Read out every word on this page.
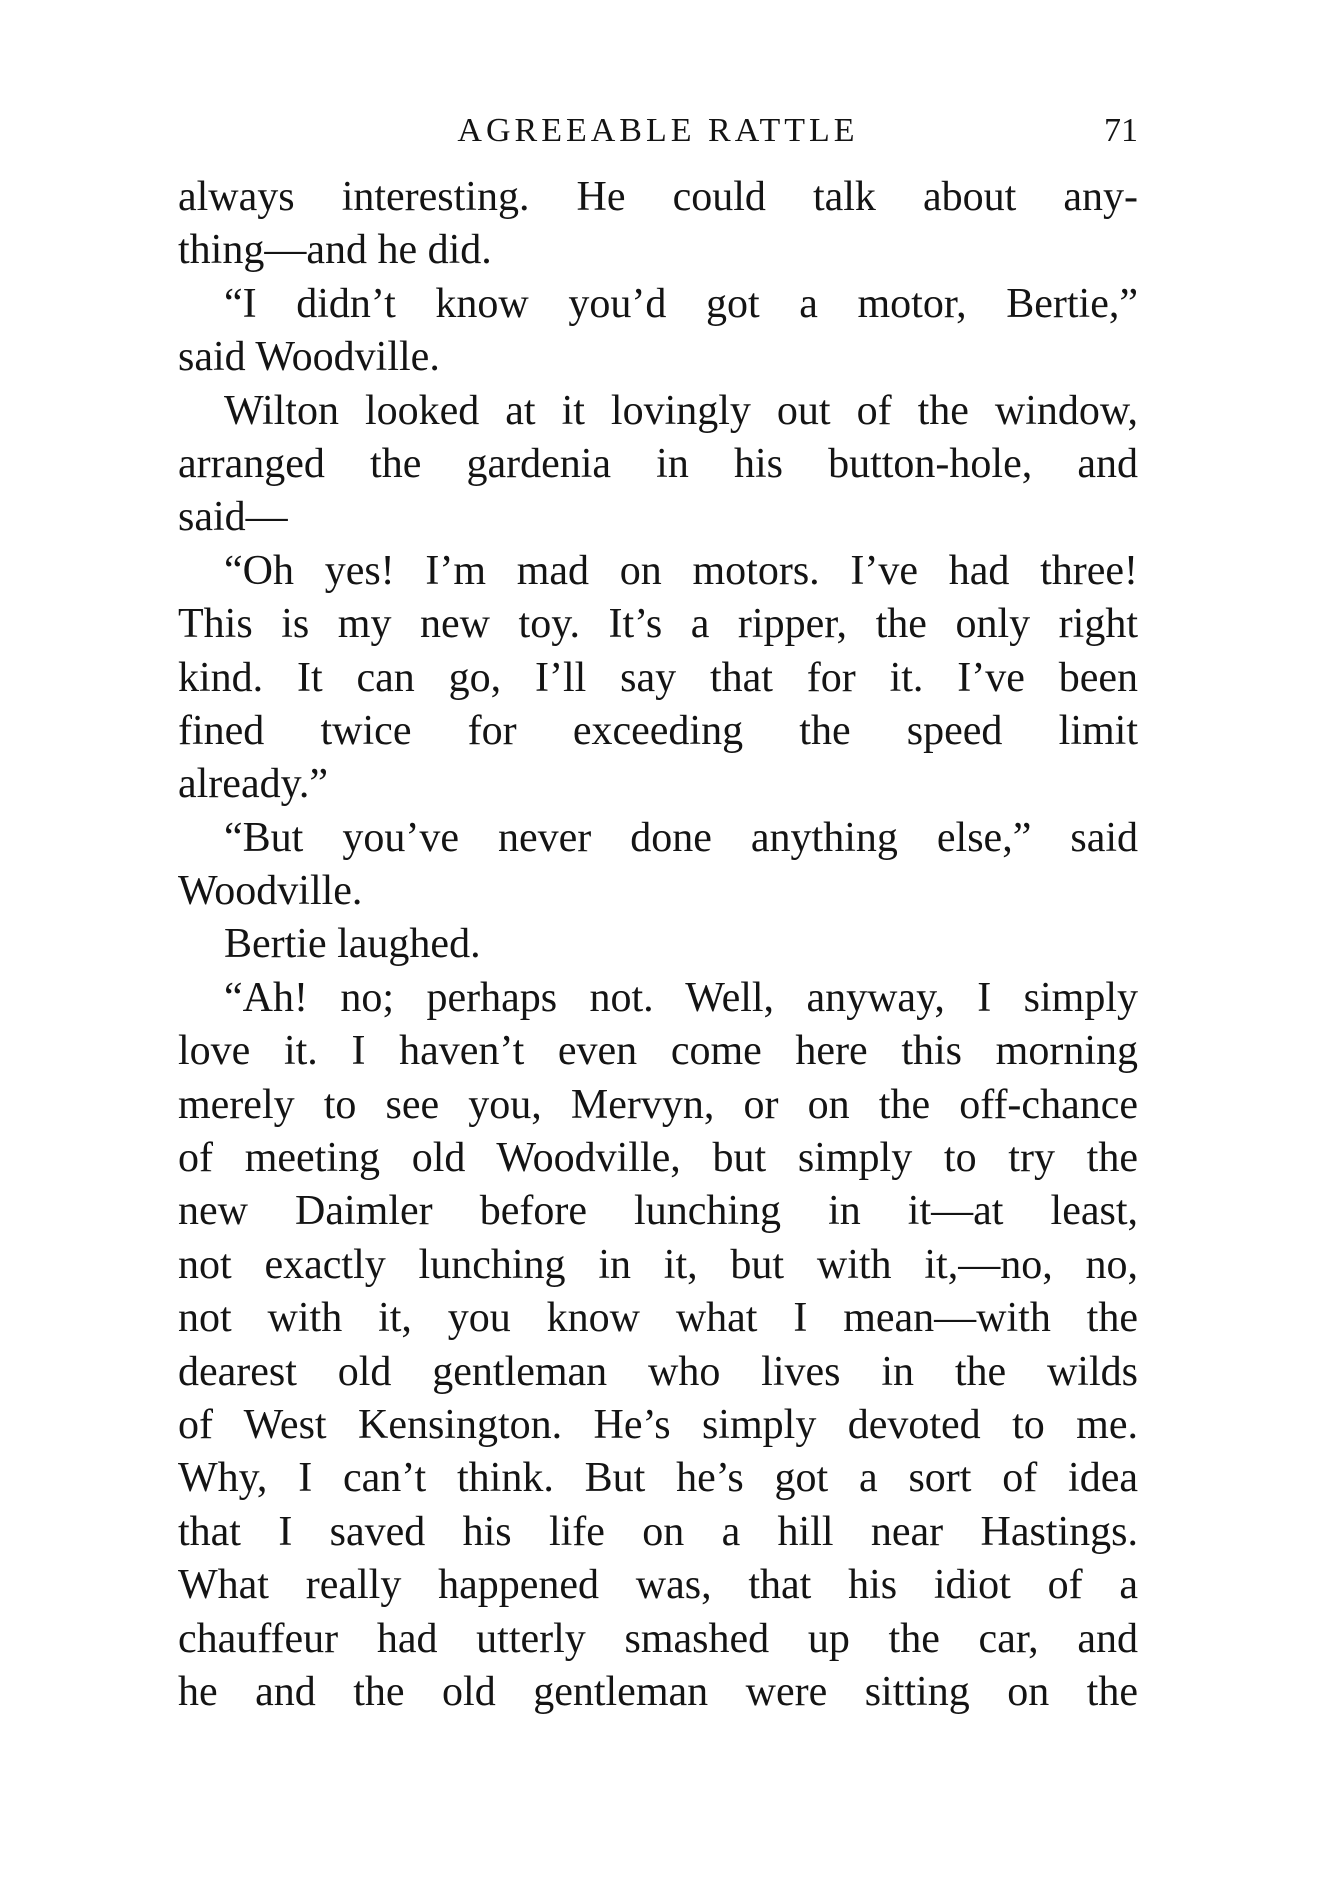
AGREEABLE RATTLE	71
always interesting. He could talk about any-
thing—and he did.
“I didn’t know you’d got a motor, Bertie,”
said Woodville.
Wilton looked at it lovingly out of the window,
arranged the gardenia in his button-hole, and
said—
“Oh yes! I’m mad on motors. I’ve had three!
This is my new toy. It’s a ripper, the only right
kind. It can go, I’ll say that for it. I’ve been
fined twice for exceeding the speed limit
already.”
“But you’ve never done anything else,” said
Woodville.
Bertie laughed.
“Ah! no; perhaps not. Well, anyway, I simply
love it. I haven’t even come here this morning
merely to see you, Mervyn, or on the off-chance
of meeting old Woodville, but simply to try the
new Daimler before lunching in it—at least,
not exactly lunching in it, but with it,—no, no,
not with it, you know what I mean—with the
dearest old gentleman who lives in the wilds
of West Kensington. He’s simply devoted to me.
Why, I can’t think. But he’s got a sort of idea
that I saved his life on a hill near Hastings.
What really happened was, that his idiot of a
chauffeur had utterly smashed up the car, and
he and the old gentleman were sitting on the
